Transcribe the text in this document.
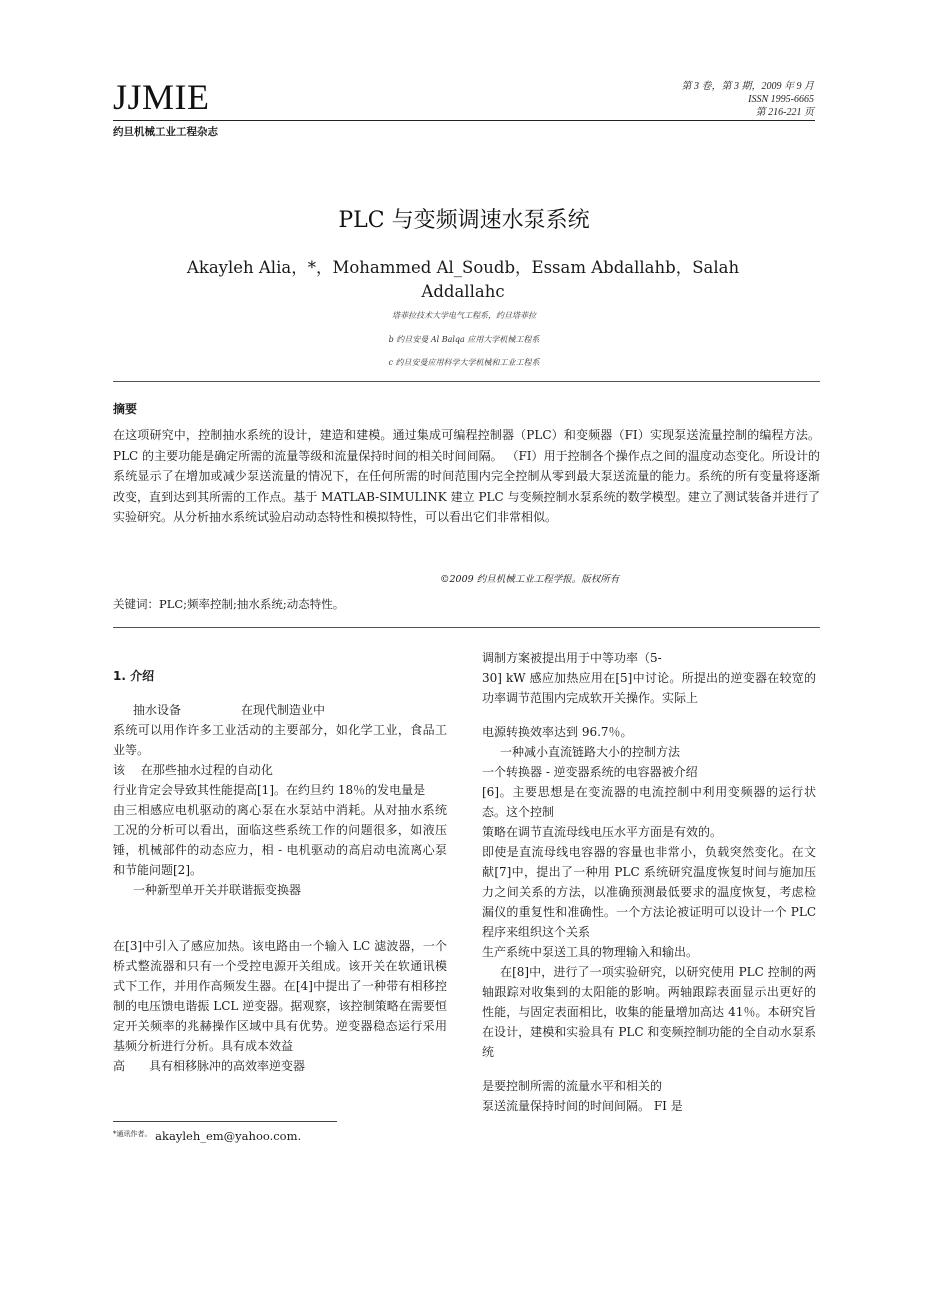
JJMIE	第 3 卷，第 3 期，2009 年 9 月
ISSN 1995-6665
第 216-221 页
约旦机械工业工程杂志
PLC 与变频调速水泵系统
Akayleh Alia，*，Mohammed Al_Soudb，Essam Abdallahb，Salah Addallahc
塔菲拉技术大学电气工程系，约旦塔菲拉
b 约旦安曼 Al Balqa 应用大学机械工程系
c 约旦安曼应用科学大学机械和工业工程系
摘要
在这项研究中，控制抽水系统的设计，建造和建模。通过集成可编程控制器（PLC）和变频器（FI）实现泵送流量控制的编程方法。 PLC 的主要功能是确定所需的流量等级和流量保持时间的相关时间间隔。 （FI）用于控制各个操作点之间的温度动态变化。所设计的系统显示了在增加或减少泵送流量的情况下，在任何所需的时间范围内完全控制从零到最大泵送流量的能力。系统的所有变量将逐渐改变，直到达到其所需的工作点。基于 MATLAB-SIMULINK 建立 PLC 与变频控制水泵系统的数学模型。建立了测试装备并进行了实验研究。从分析抽水系统试验启动动态特性和模拟特性，可以看出它们非常相似。
©2009 约旦机械工业工程学报。版权所有
关键词：PLC;频率控制;抽水系统;动态特性。
1. 介绍

抽水设备　　　　　在现代制造业中

系统可以用作许多工业活动的主要部分，如化学工业，食品工业等。

该　 在那些抽水过程的自动化

行业肯定会导致其性能提高[1]。在约旦约 18％的发电量是

由三相感应电机驱动的离心泵在水泵站中消耗。从对抽水系统工况的分析可以看出，面临这些系统工作的问题很多，如液压锤，机械部件的动态应力，相 - 电机驱动的高启动电流离心泵和节能问题[2]。

一种新型单开关并联谐振变换器

在[3]中引入了感应加热。该电路由一个输入 LC 滤波器，一个桥式整流器和只有一个受控电源开关组成。该开关在软通讯模式下工作，并用作高频发生器。在[4]中提出了一种带有相移控制的电压馈电谐振 LCL 逆变器。据观察，该控制策略在需要恒定开关频率的兆赫操作区域中具有优势。逆变器稳态运行采用基频分析进行分析。具有成本效益

高　　具有相移脉冲的高效率逆变器

调制方案被提出用于中等功率（5-

30] kW 感应加热应用在[5]中讨论。所提出的逆变器在较宽的功率调节范围内完成软开关操作。实际上

电源转换效率达到 96.7％。

一种减小直流链路大小的控制方法

一个转换器 - 逆变器系统的电容器被介绍

[6]。主要思想是在变流器的电流控制中利用变频器的运行状态。这个控制

策略在调节直流母线电压水平方面是有效的。

即使是直流母线电容器的容量也非常小，负载突然变化。在文献[7]中，提出了一种用 PLC 系统研究温度恢复时间与施加压力之间关系的方法，以准确预测最低要求的温度恢复，考虑检漏仪的重复性和准确性。一个方法论被证明可以设计一个 PLC 程序来组织这个关系

生产系统中泵送工具的物理输入和输出。

在[8]中，进行了一项实验研究，以研究使用 PLC 控制的两轴跟踪对收集到的太阳能的影响。两轴跟踪表面显示出更好的性能，与固定表面相比，收集的能量增加高达 41％。本研究旨在设计，建模和实验具有 PLC 和变频控制功能的全自动水泵系统

是要控制所需的流量水平和相关的

泵送流量保持时间的时间间隔。 FI 是

$^{*通讯作者。}$ akayleh_em@yahoo.com.
